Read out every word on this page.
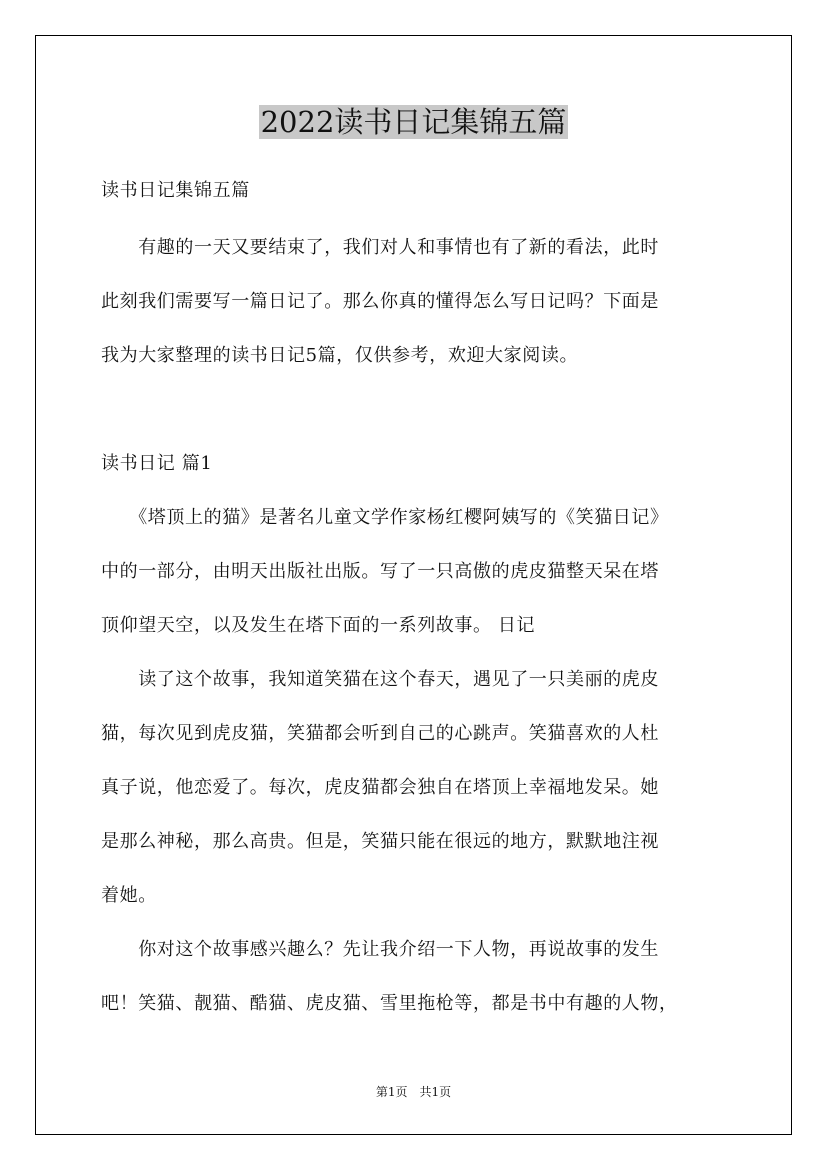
2022读书日记集锦五篇
读书日记集锦五篇
　　有趣的一天又要结束了，我们对人和事情也有了新的看法，此时
此刻我们需要写一篇日记了。那么你真的懂得怎么写日记吗？下面是
我为大家整理的读书日记5篇，仅供参考，欢迎大家阅读。
读书日记 篇1
　　《塔顶上的猫》是著名儿童文学作家杨红樱阿姨写的《笑猫日记》
中的一部分，由明天出版社出版。写了一只高傲的虎皮猫整天呆在塔
顶仰望天空，以及发生在塔下面的一系列故事。 日记
　　读了这个故事，我知道笑猫在这个春天，遇见了一只美丽的虎皮
猫，每次见到虎皮猫，笑猫都会听到自己的心跳声。笑猫喜欢的人杜
真子说，他恋爱了。每次，虎皮猫都会独自在塔顶上幸福地发呆。她
是那么神秘，那么高贵。但是，笑猫只能在很远的地方，默默地注视
着她。
　　你对这个故事感兴趣么？先让我介绍一下人物，再说故事的发生
吧！笑猫、靓猫、酷猫、虎皮猫、雪里拖枪等，都是书中有趣的人物，
第1页　共1页
